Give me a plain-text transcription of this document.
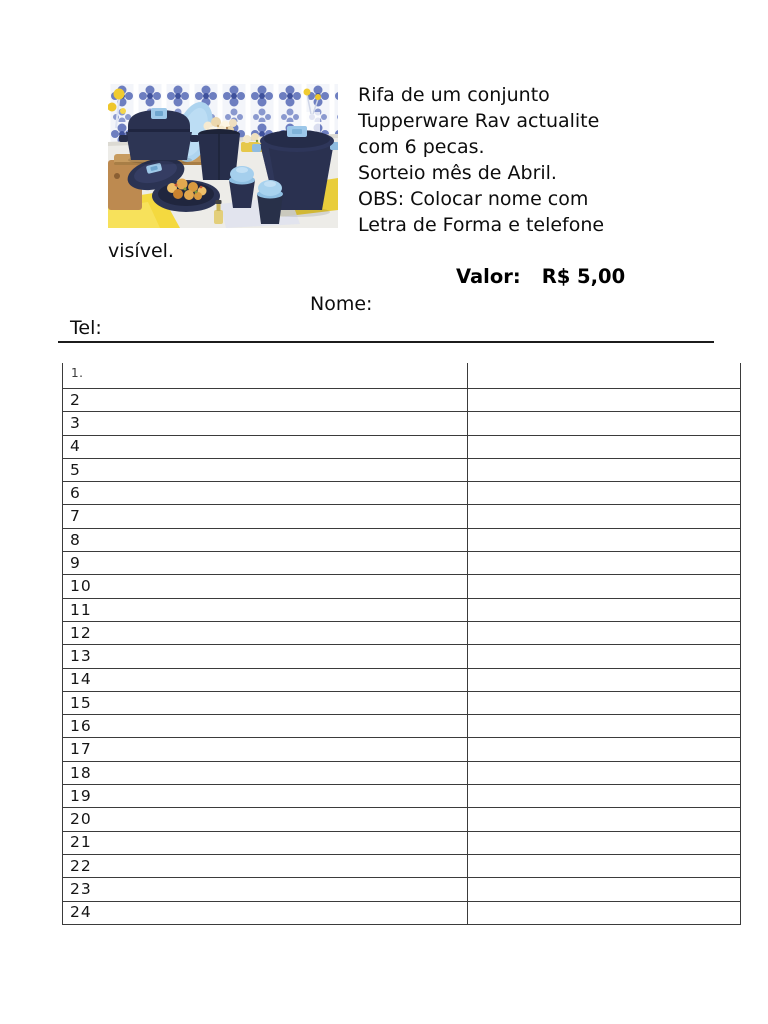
Rifa de um conjunto
Tupperware Rav actualite
com 6 pecas.
Sorteio mês de Abril.
OBS: Colocar nome com
Letra de Forma e telefone
visível.
Valor: R$ 5,00
Nome:
Tel:
1.	

2	

3	

4	

5	

6	

7	

8	

9	

10	

11	

12	

13	

14	

15	

16	

17	

18	

19	

20	

21	

22	

23	

24	
